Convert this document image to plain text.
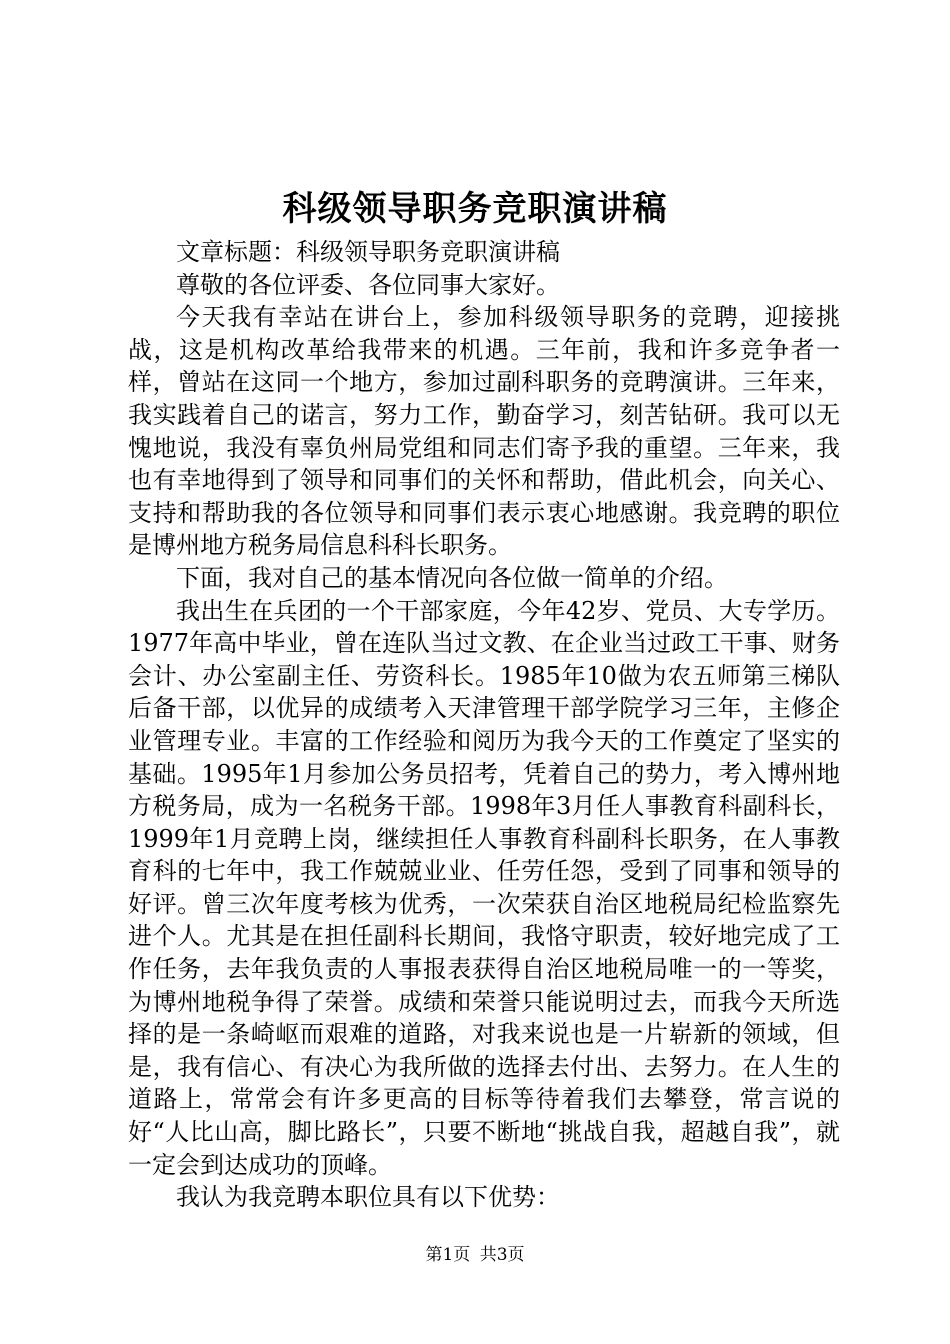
科级领导职务竞职演讲稿

文章标题：科级领导职务竞职演讲稿

尊敬的各位评委、各位同事大家好。

今天我有幸站在讲台上，参加科级领导职务的竞聘，迎接挑战，这是机构改革给我带来的机遇。三年前，我和许多竞争者一样，曾站在这同一个地方，参加过副科职务的竞聘演讲。三年来，我实践着自己的诺言，努力工作，勤奋学习，刻苦钻研。我可以无愧地说，我没有辜负州局党组和同志们寄予我的重望。三年来，我也有幸地得到了领导和同事们的关怀和帮助，借此机会，向关心、支持和帮助我的各位领导和同事们表示衷心地感谢。我竞聘的职位是博州地方税务局信息科科长职务。

下面，我对自己的基本情况向各位做一简单的介绍。

我出生在兵团的一个干部家庭，今年42岁、党员、大专学历。1977年高中毕业，曾在连队当过文教、在企业当过政工干事、财务会计、办公室副主任、劳资科长。1985年10做为农五师第三梯队后备干部，以优异的成绩考入天津管理干部学院学习三年，主修企业管理专业。丰富的工作经验和阅历为我今天的工作奠定了坚实的基础。1995年1月参加公务员招考，凭着自己的势力，考入博州地方税务局，成为一名税务干部。1998年3月任人事教育科副科长，1999年1月竞聘上岗，继续担任人事教育科副科长职务，在人事教育科的七年中，我工作兢兢业业、任劳任怨，受到了同事和领导的好评。曾三次年度考核为优秀，一次荣获自治区地税局纪检监察先进个人。尤其是在担任副科长期间，我恪守职责，较好地完成了工作任务，去年我负责的人事报表获得自治区地税局唯一的一等奖，为博州地税争得了荣誉。成绩和荣誉只能说明过去，而我今天所选择的是一条崎岖而艰难的道路，对我来说也是一片崭新的领域，但是，我有信心、有决心为我所做的选择去付出、去努力。在人生的道路上，常常会有许多更高的目标等待着我们去攀登，常言说的好“人比山高，脚比路长”，只要不断地“挑战自我，超越自我”，就一定会到达成功的顶峰。

我认为我竞聘本职位具有以下优势：

第1页 共3页
